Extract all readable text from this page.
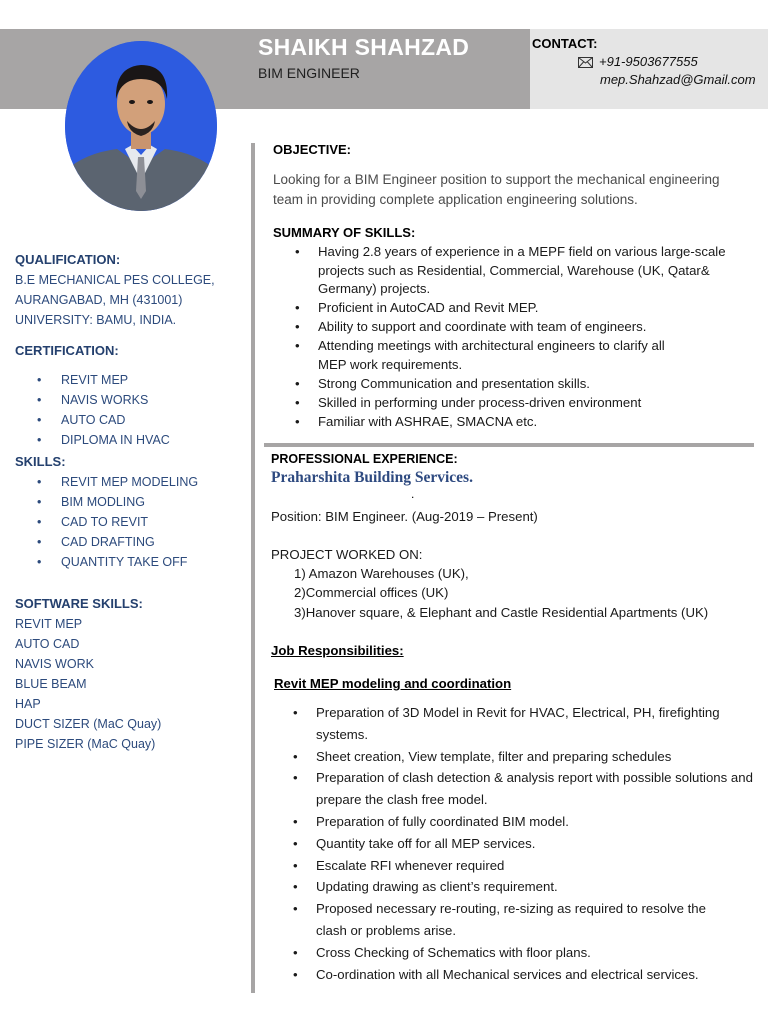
SHAIKH SHAHZAD
BIM ENGINEER
CONTACT:
+91-9503677555
mep.Shahzad@Gmail.com
QUALIFICATION:
B.E MECHANICAL PES COLLEGE,
AURANGABAD, MH (431001)
UNIVERSITY: BAMU, INDIA.
CERTIFICATION:
• REVIT MEP
• NAVIS WORKS
• AUTO CAD
• DIPLOMA IN HVAC
SKILLS:
• REVIT MEP MODELING
• BIM MODLING
• CAD TO REVIT
• CAD DRAFTING
• QUANTITY TAKE OFF
SOFTWARE SKILLS:
REVIT MEP
AUTO CAD
NAVIS WORK
BLUE BEAM
HAP
DUCT SIZER (MaC Quay)
PIPE SIZER (MaC Quay)
OBJECTIVE:
Looking for a BIM Engineer position to support the mechanical engineering team in providing complete application engineering solutions.
SUMMARY OF SKILLS:
• Having 2.8 years of experience in a MEPF field on various large-scale projects such as Residential, Commercial, Warehouse (UK, Qatar& Germany) projects.
• Proficient in AutoCAD and Revit MEP.
• Ability to support and coordinate with team of engineers.
• Attending meetings with architectural engineers to clarify all MEP work requirements.
• Strong Communication and presentation skills.
• Skilled in performing under process-driven environment
• Familiar with ASHRAE, SMACNA etc.
PROFESSIONAL EXPERIENCE:
Praharshita Building Services.
.
Position: BIM Engineer. (Aug-2019 – Present)
PROJECT WORKED ON:
1) Amazon Warehouses (UK),
2)Commercial offices (UK)
3)Hanover square, & Elephant and Castle Residential Apartments (UK)
Job Responsibilities:
Revit MEP modeling and coordination
• Preparation of 3D Model in Revit for HVAC, Electrical, PH, firefighting systems.
• Sheet creation, View template, filter and preparing schedules
• Preparation of clash detection & analysis report with possible solutions and prepare the clash free model.
• Preparation of fully coordinated BIM model.
• Quantity take off for all MEP services.
• Escalate RFI whenever required
• Updating drawing as client’s requirement.
• Proposed necessary re-routing, re-sizing as required to resolve the clash or problems arise.
• Cross Checking of Schematics with floor plans.
• Co-ordination with all Mechanical services and electrical services.
